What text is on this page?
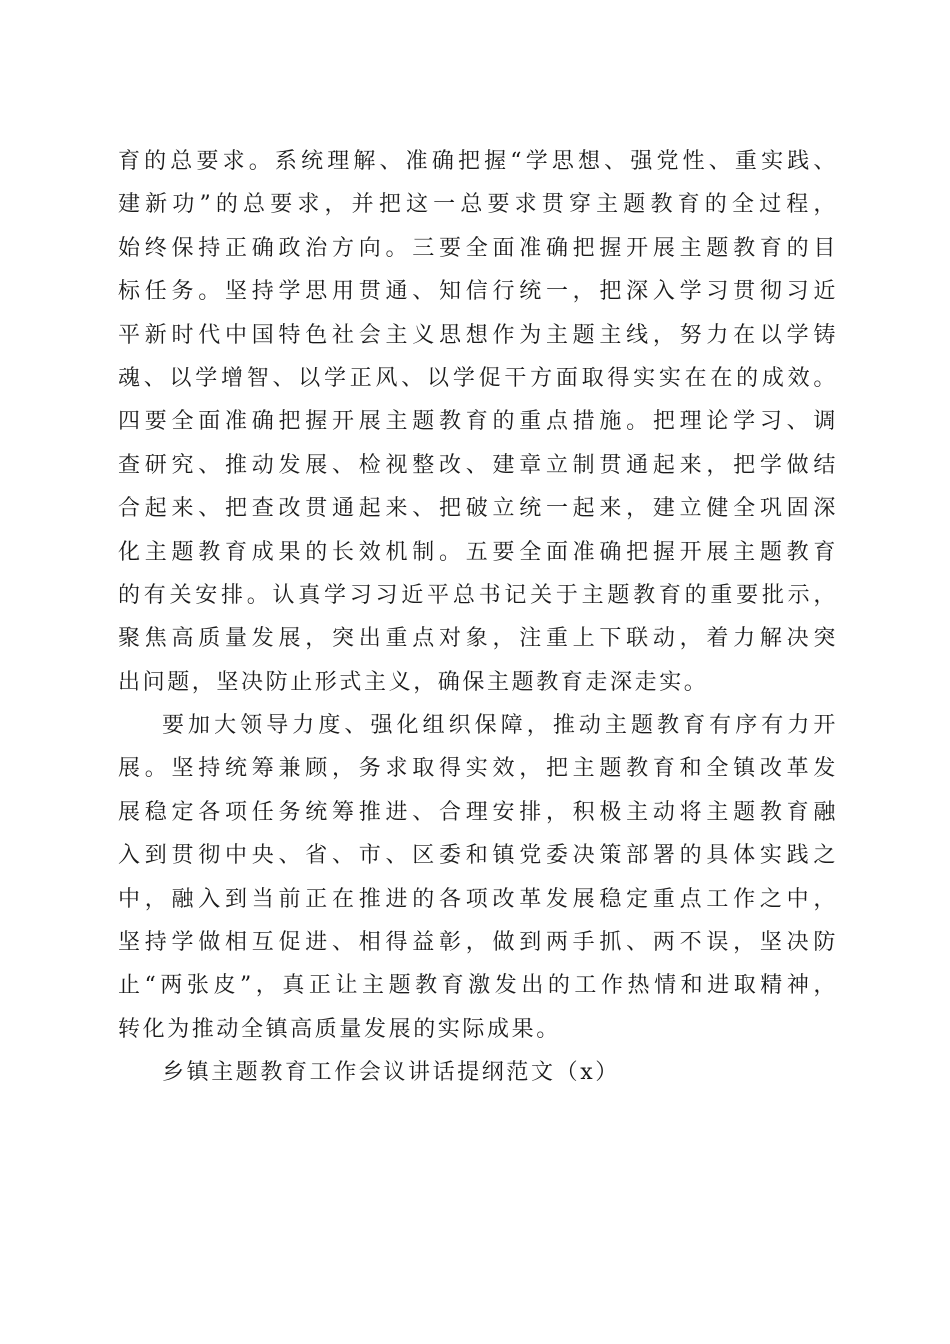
育的总要求。系统理解、准确把握“学思想、强党性、重实践、
建新功”的总要求，并把这一总要求贯穿主题教育的全过程，
始终保持正确政治方向。三要全面准确把握开展主题教育的目
标任务。坚持学思用贯通、知信行统一，把深入学习贯彻习近
平新时代中国特色社会主义思想作为主题主线，努力在以学铸
魂、以学增智、以学正风、以学促干方面取得实实在在的成效。
四要全面准确把握开展主题教育的重点措施。把理论学习、调
查研究、推动发展、检视整改、建章立制贯通起来，把学做结
合起来、把查改贯通起来、把破立统一起来，建立健全巩固深
化主题教育成果的长效机制。五要全面准确把握开展主题教育
的有关安排。认真学习习近平总书记关于主题教育的重要批示，
聚焦高质量发展，突出重点对象，注重上下联动，着力解决突
出问题，坚决防止形式主义，确保主题教育走深走实。
要加大领导力度、强化组织保障，推动主题教育有序有力开
展。坚持统筹兼顾，务求取得实效，把主题教育和全镇改革发
展稳定各项任务统筹推进、合理安排，积极主动将主题教育融
入到贯彻中央、省、市、区委和镇党委决策部署的具体实践之
中，融入到当前正在推进的各项改革发展稳定重点工作之中，
坚持学做相互促进、相得益彰，做到两手抓、两不误，坚决防
止“两张皮”，真正让主题教育激发出的工作热情和进取精神，
转化为推动全镇高质量发展的实际成果。
乡镇主题教育工作会议讲话提纲范文（x）
